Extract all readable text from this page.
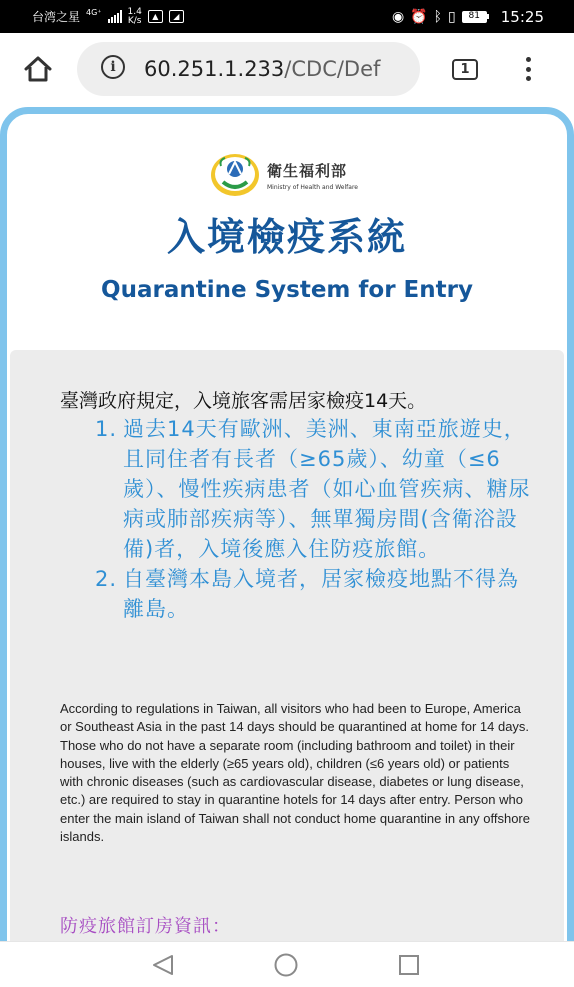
台湾之星 4G⁺	1.4
K/s	▲	◢	◉ ⏰ ᛒ ▯	81	15:25
i	60.251.1.233/CDC/Def	1
衛生福利部
Ministry of Health and Welfare
入境檢疫系統
Quarantine System for Entry
臺灣政府規定，入境旅客需居家檢疫14天。
1. 過去14天有歐洲、美洲、東南亞旅遊史，且同住者有長者（≥65歲）、幼童（≤6歲）、慢性疾病患者（如心血管疾病、糖尿病或肺部疾病等）、無單獨房間(含衛浴設備)者，入境後應入住防疫旅館。
2. 自臺灣本島入境者，居家檢疫地點不得為離島。

According to regulations in Taiwan, all visitors who had been to Europe, America or Southeast Asia in the past 14 days should be quarantined at home for 14 days. Those who do not have a separate room (including bathroom and toilet) in their houses, live with the elderly (≥65 years old), children (≤6 years old) or patients with chronic diseases (such as cardiovascular disease, diabetes or lung disease, etc.) are required to stay in quarantine hotels for 14 days after entry. Person who enter the main island of Taiwan shall not conduct home quarantine in any offshore islands.

防疫旅館訂房資訊：
